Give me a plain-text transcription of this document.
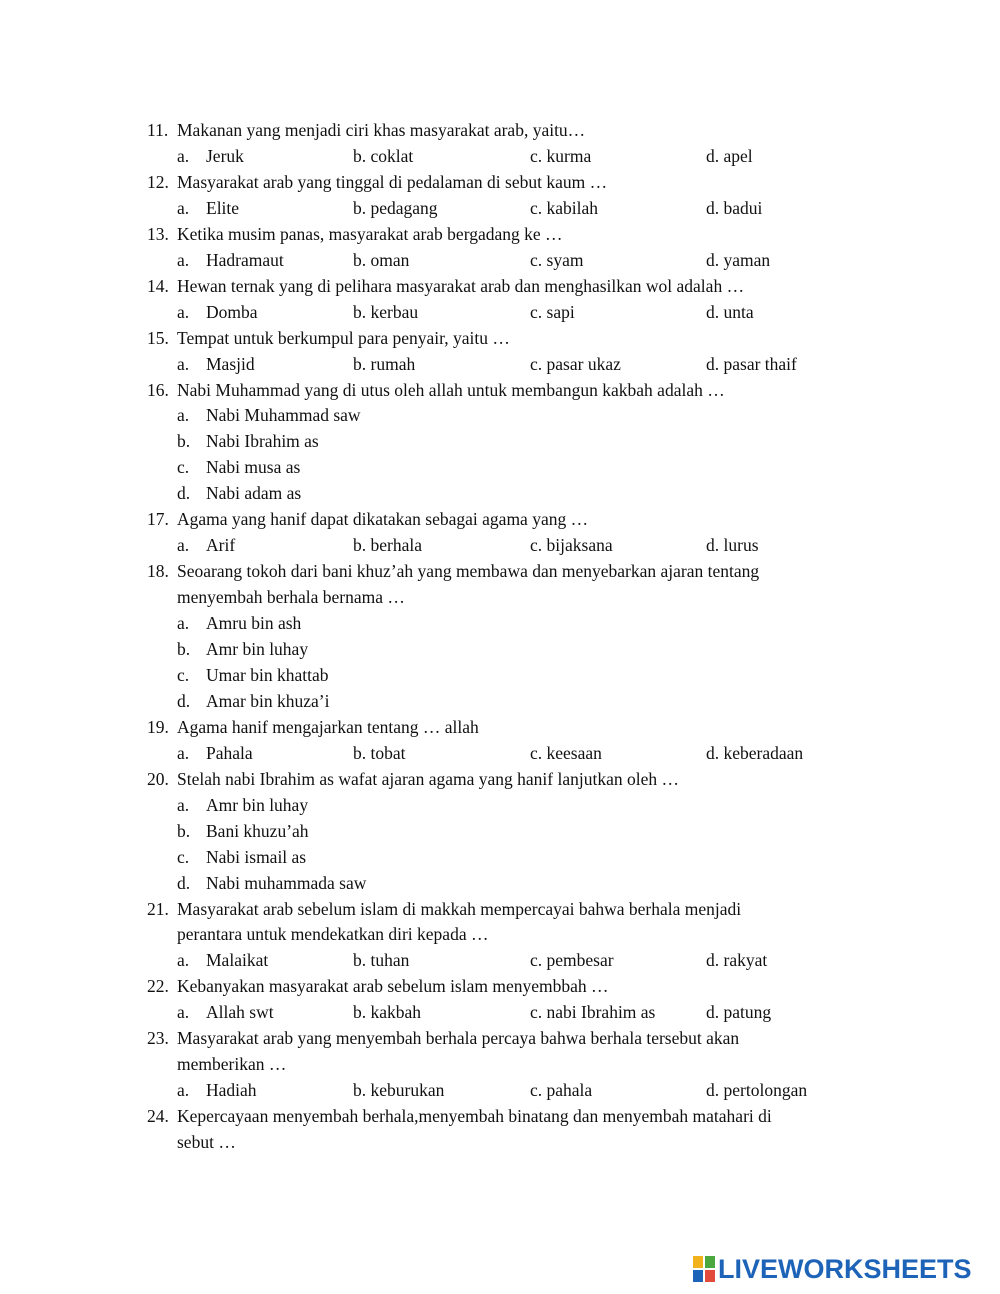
11. Makanan yang menjadi ciri khas masyarakat arab, yaitu…
a. Jeruk	b. coklat	c. kurma	d. apel
12. Masyarakat arab yang tinggal di pedalaman di sebut kaum …
a. Elite	b. pedagang	c. kabilah	d. badui
13. Ketika musim panas, masyarakat arab bergadang ke …
a. Hadramaut	b. oman	c. syam	d. yaman
14. Hewan ternak yang di pelihara masyarakat arab dan menghasilkan wol adalah …
a. Domba	b. kerbau	c. sapi	d. unta
15. Tempat untuk berkumpul para penyair, yaitu …
a. Masjid	b. rumah	c. pasar ukaz	d. pasar thaif
16. Nabi Muhammad yang di utus oleh allah untuk membangun kakbah adalah …
a. Nabi Muhammad saw
b. Nabi Ibrahim as
c. Nabi musa as
d. Nabi adam as
17. Agama yang hanif dapat dikatakan sebagai agama yang …
a. Arif	b. berhala	c. bijaksana	d. lurus
18. Seoarang tokoh dari bani khuz’ah yang membawa dan menyebarkan ajaran tentang
menyembah berhala bernama …
a. Amru bin ash
b. Amr bin luhay
c. Umar bin khattab
d. Amar bin khuza’i
19. Agama hanif mengajarkan tentang … allah
a. Pahala	b. tobat	c. keesaan	d. keberadaan
20. Stelah nabi Ibrahim as wafat ajaran agama yang hanif lanjutkan oleh …
a. Amr bin luhay
b. Bani khuzu’ah
c. Nabi ismail as
d. Nabi muhammada saw
21. Masyarakat arab sebelum islam di makkah mempercayai bahwa berhala menjadi
perantara untuk mendekatkan diri kepada …
a. Malaikat	b. tuhan	c. pembesar	d. rakyat
22. Kebanyakan masyarakat arab sebelum islam menyembbah …
a. Allah swt	b. kakbah	c. nabi Ibrahim as	d. patung
23. Masyarakat arab yang menyembah berhala percaya bahwa berhala tersebut akan
memberikan …
a. Hadiah	b. keburukan	c. pahala	d. pertolongan
24. Kepercayaan menyembah berhala,menyembah binatang dan menyembah matahari di
sebut …
LIVEWORKSHEETS
